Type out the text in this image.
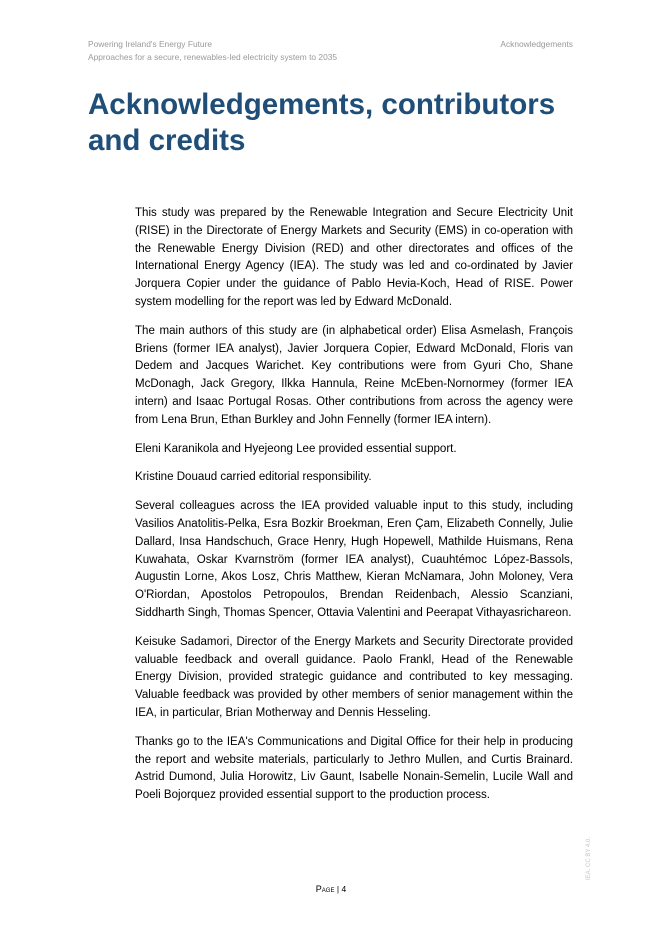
Powering Ireland's Energy Future
Approaches for a secure, renewables-led electricity system to 2035
Acknowledgements
Acknowledgements, contributors and credits

This study was prepared by the Renewable Integration and Secure Electricity Unit (RISE) in the Directorate of Energy Markets and Security (EMS) in co-operation with the Renewable Energy Division (RED) and other directorates and offices of the International Energy Agency (IEA). The study was led and co-ordinated by Javier Jorquera Copier under the guidance of Pablo Hevia-Koch, Head of RISE. Power system modelling for the report was led by Edward McDonald.

The main authors of this study are (in alphabetical order) Elisa Asmelash, François Briens (former IEA analyst), Javier Jorquera Copier, Edward McDonald, Floris van Dedem and Jacques Warichet. Key contributions were from Gyuri Cho, Shane McDonagh, Jack Gregory, Ilkka Hannula, Reine McEben-Nornormey (former IEA intern) and Isaac Portugal Rosas. Other contributions from across the agency were from Lena Brun, Ethan Burkley and John Fennelly (former IEA intern).

Eleni Karanikola and Hyejeong Lee provided essential support.

Kristine Douaud carried editorial responsibility.

Several colleagues across the IEA provided valuable input to this study, including Vasilios Anatolitis-Pelka, Esra Bozkir Broekman, Eren Çam, Elizabeth Connelly, Julie Dallard, Insa Handschuch, Grace Henry, Hugh Hopewell, Mathilde Huismans, Rena Kuwahata, Oskar Kvarnström (former IEA analyst), Cuauhtémoc López-Bassols, Augustin Lorne, Akos Losz, Chris Matthew, Kieran McNamara, John Moloney, Vera O'Riordan, Apostolos Petropoulos, Brendan Reidenbach, Alessio Scanziani, Siddharth Singh, Thomas Spencer, Ottavia Valentini and Peerapat Vithayasrichareon.

Keisuke Sadamori, Director of the Energy Markets and Security Directorate provided valuable feedback and overall guidance. Paolo Frankl, Head of the Renewable Energy Division, provided strategic guidance and contributed to key messaging. Valuable feedback was provided by other members of senior management within the IEA, in particular, Brian Motherway and Dennis Hesseling.

Thanks go to the IEA's Communications and Digital Office for their help in producing the report and website materials, particularly to Jethro Mullen, and Curtis Brainard. Astrid Dumond, Julia Horowitz, Liv Gaunt, Isabelle Nonain-Semelin, Lucile Wall and Poeli Bojorquez provided essential support to the production process.

Page | 4
IEA. CC BY 4.0.
